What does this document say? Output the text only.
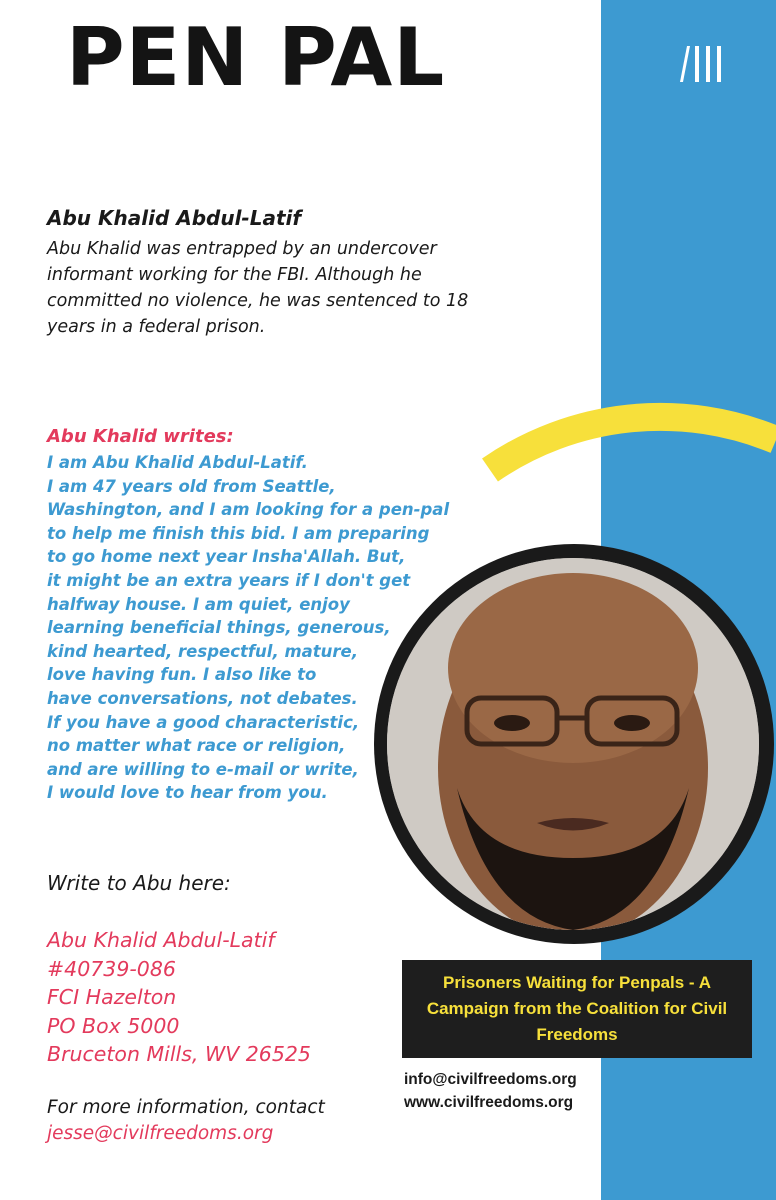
PEN PAL
Abu Khalid Abdul-Latif

Abu Khalid was entrapped by an undercover informant working for the FBI. Although he committed no violence, he was sentenced to 18 years in a federal prison.

Abu Khalid writes:
I am Abu Khalid Abdul-Latif.
I am 47 years old from Seattle,
Washington, and I am looking for a pen-pal
to help me finish this bid. I am preparing
to go home next year Insha'Allah. But,
it might be an extra years if I don't get
halfway house. I am quiet, enjoy
learning beneficial things, generous,
kind hearted, respectful, mature,
love having fun. I also like to
have conversations, not debates.
If you have a good characteristic,
no matter what race or religion,
and are willing to e-mail or write,
I would love to hear from you.

Write to Abu here:

Abu Khalid Abdul-Latif
#40739-086
FCI Hazelton
PO Box 5000
Bruceton Mills, WV 26525
For more information, contact
jesse@civilfreedoms.org

Prisoners Waiting for Penpals - A Campaign from the Coalition for Civil Freedoms

info@civilfreedoms.org
www.civilfreedoms.org
